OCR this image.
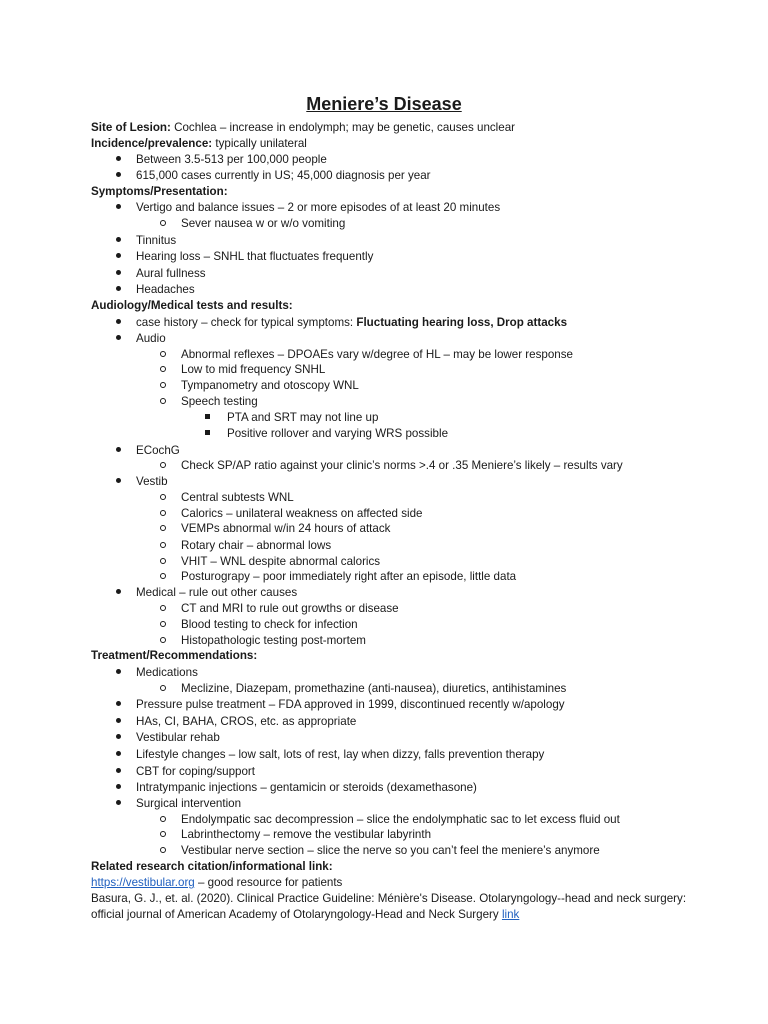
Meniere’s Disease
Site of Lesion: Cochlea – increase in endolymph; may be genetic, causes unclear
Incidence/prevalence: typically unilateral
Between 3.5-513 per 100,000 people
615,000 cases currently in US; 45,000 diagnosis per year
Symptoms/Presentation:
Vertigo and balance issues – 2 or more episodes of at least 20 minutes
Sever nausea w or w/o vomiting
Tinnitus
Hearing loss – SNHL that fluctuates frequently
Aural fullness
Headaches
Audiology/Medical tests and results:
case history – check for typical symptoms: Fluctuating hearing loss, Drop attacks
Audio
Abnormal reflexes – DPOAEs vary w/degree of HL – may be lower response
Low to mid frequency SNHL
Tympanometry and otoscopy WNL
Speech testing
PTA and SRT may not line up
Positive rollover and varying WRS possible
ECochG
Check SP/AP ratio against your clinic’s norms >.4 or .35 Meniere’s likely – results vary
Vestib
Central subtests WNL
Calorics – unilateral weakness on affected side
VEMPs abnormal w/in 24 hours of attack
Rotary chair – abnormal lows
VHIT – WNL despite abnormal calorics
Posturograpy – poor immediately right after an episode, little data
Medical – rule out other causes
CT and MRI to rule out growths or disease
Blood testing to check for infection
Histopathologic testing post-mortem
Treatment/Recommendations:
Medications
Meclizine, Diazepam, promethazine (anti-nausea), diuretics, antihistamines
Pressure pulse treatment – FDA approved in 1999, discontinued recently w/apology
HAs, CI, BAHA, CROS, etc. as appropriate
Vestibular rehab
Lifestyle changes – low salt, lots of rest, lay when dizzy, falls prevention therapy
CBT for coping/support
Intratympanic injections – gentamicin or steroids (dexamethasone)
Surgical intervention
Endolympatic sac decompression – slice the endolymphatic sac to let excess fluid out
Labrinthectomy – remove the vestibular labyrinth
Vestibular nerve section – slice the nerve so you can’t feel the meniere’s anymore
Related research citation/informational link:
https://vestibular.org – good resource for patients
Basura, G. J., et. al. (2020). Clinical Practice Guideline: Ménière's Disease. Otolaryngology--head and neck surgery:
official journal of American Academy of Otolaryngology-Head and Neck Surgery link
